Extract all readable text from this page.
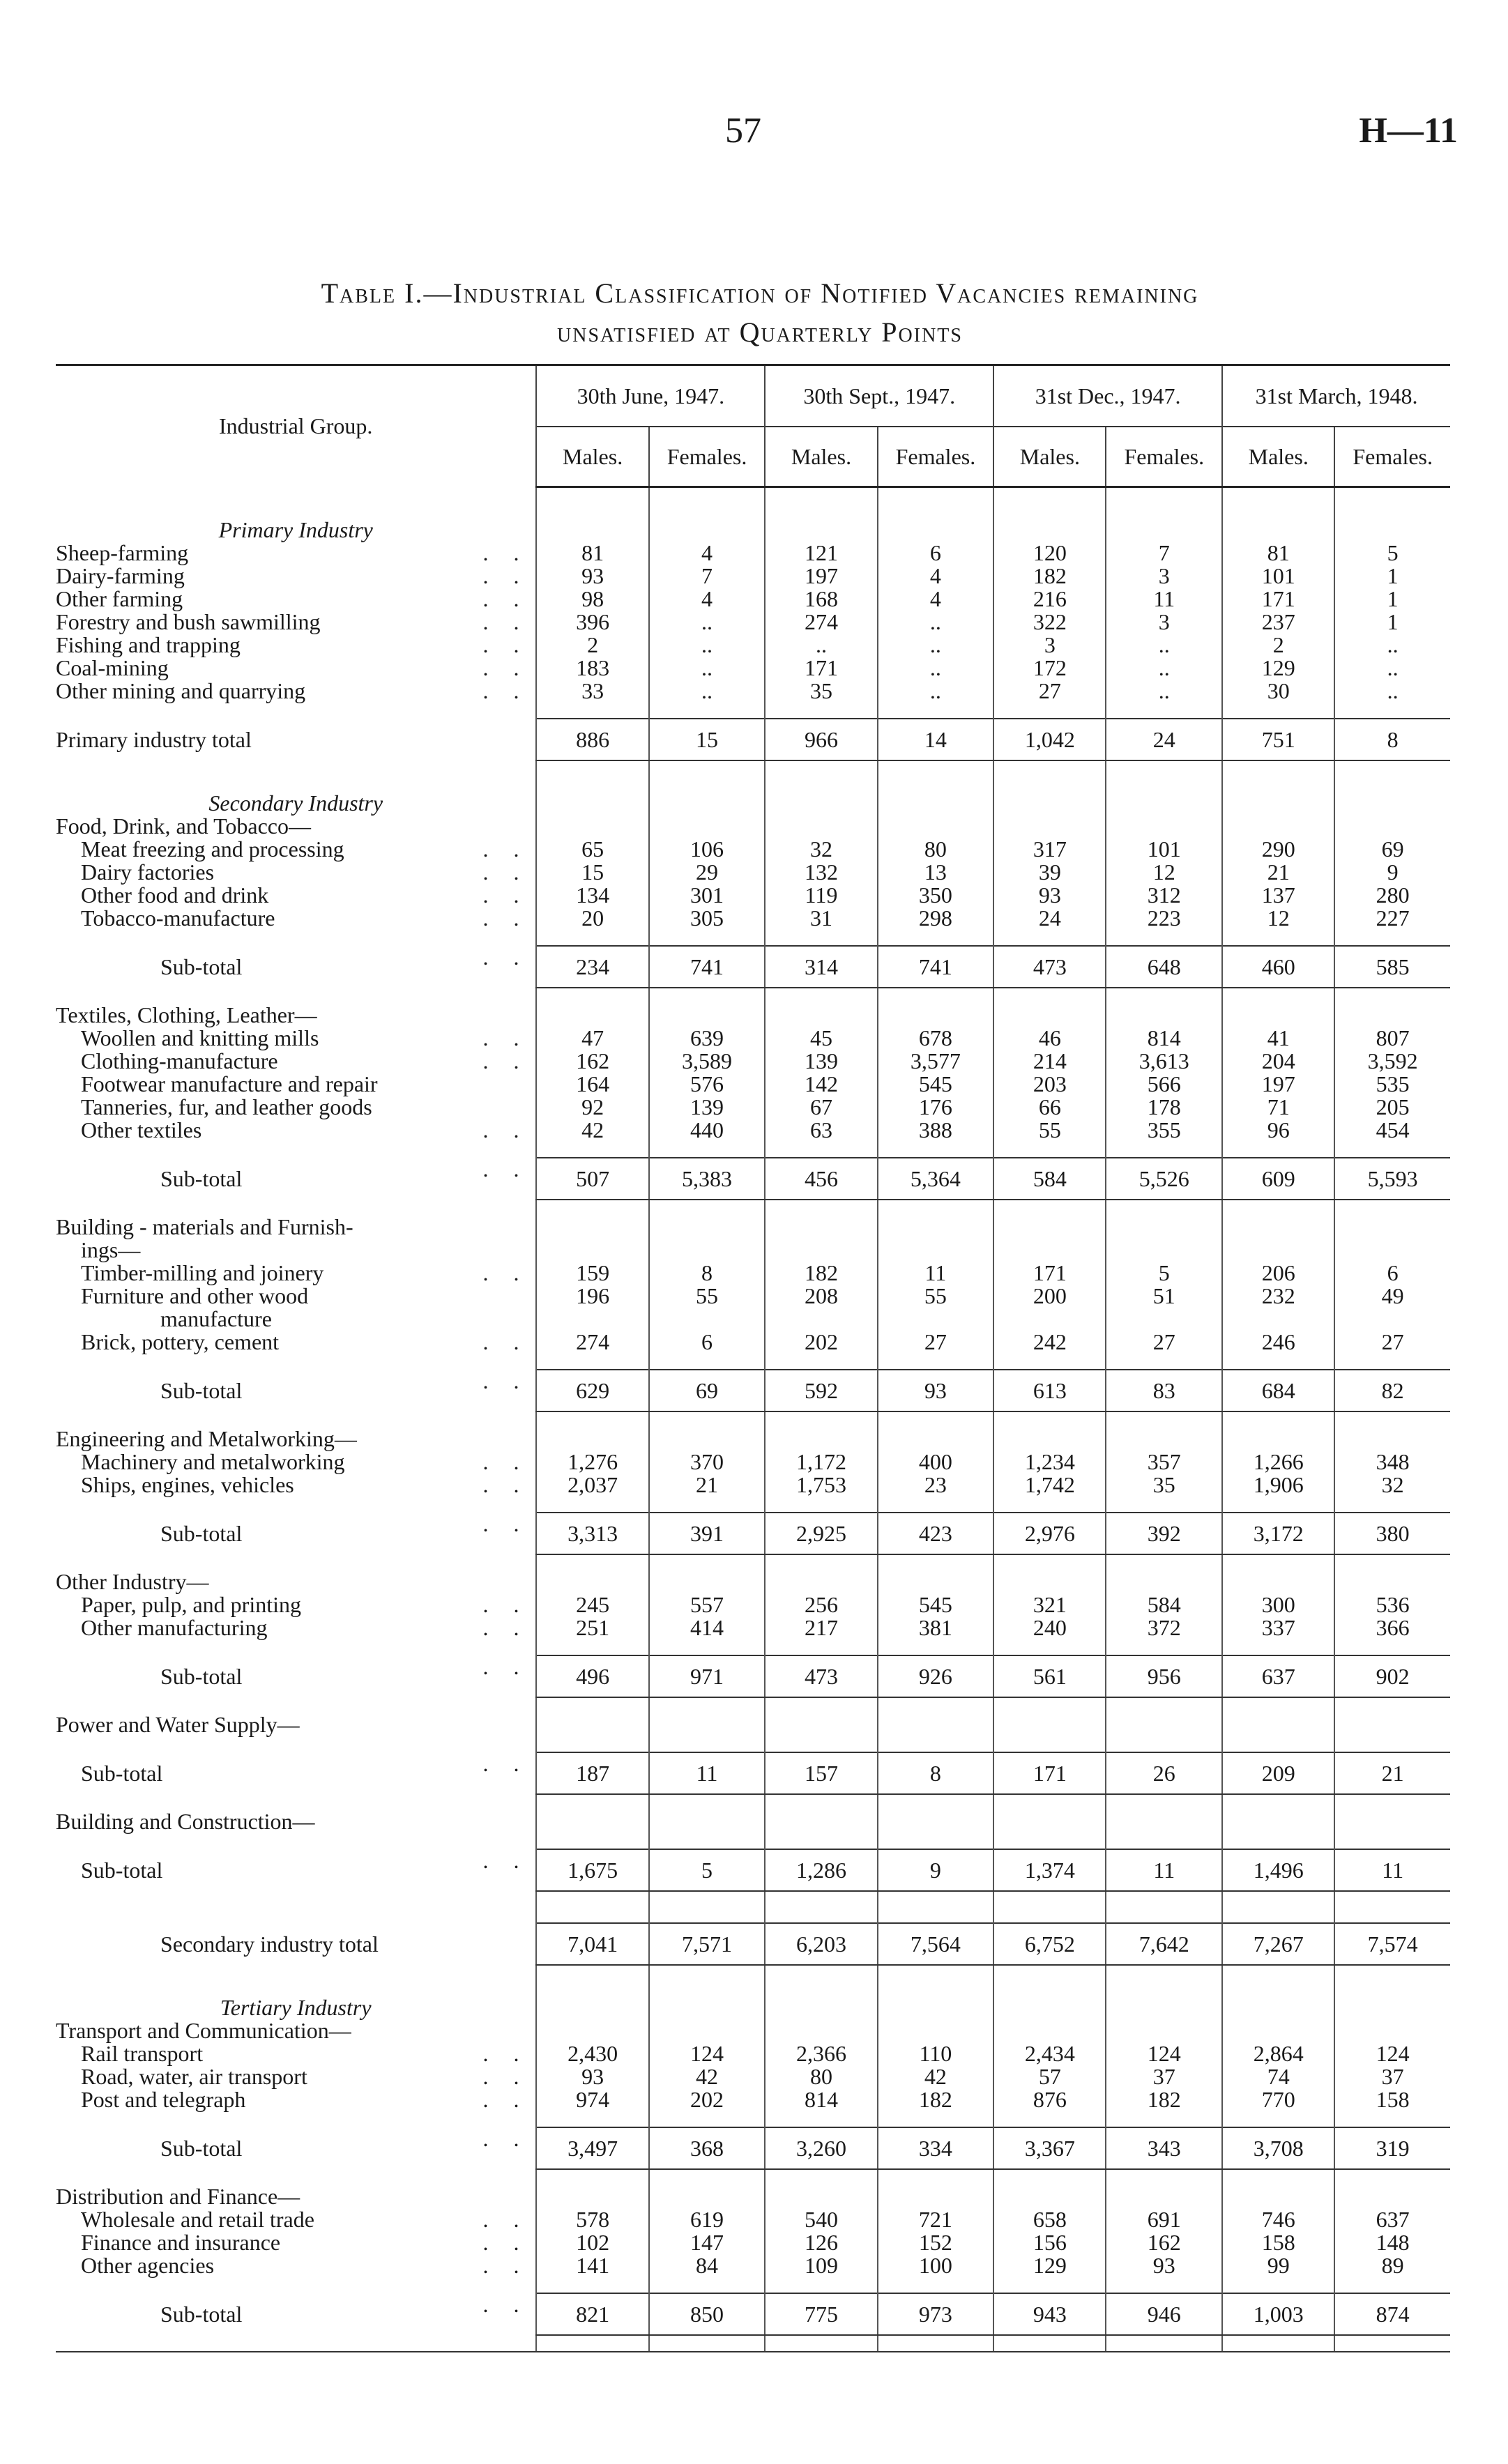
57	H—11
Table I.—Industrial Classification of Notified Vacancies remaining
unsatisfied at Quarterly Points
Industrial Group.	30th June, 1947.		30th Sept., 1947.		31st Dec., 1947.		31st March, 1948.	
	Males.	Females.	Males.	Females.	Males.	Females.	Males.	Females.

Primary Industry								
Sheep-farming . .	81	4	121	6	120	7	81	5
Dairy-farming . .	93	7	197	4	182	3	101	1
Other farming . .	98	4	168	4	216	11	171	1
Forestry and bush sawmilling . .	396	..	274	..	322	3	237	1
Fishing and trapping . .	2	..	..	..	3	..	2	..
Coal-mining . .	183	..	171	..	172	..	129	..
Other mining and quarrying . .	33	..	35	..	27	..	30	..

Primary industry total	886	15	966	14	1,042	24	751	8

Secondary Industry								
Food, Drink, and Tobacco—								
Meat freezing and processing . .	65	106	32	80	317	101	290	69
Dairy factories . .	15	29	132	13	39	12	21	9
Other food and drink . .	134	301	119	350	93	312	137	280
Tobacco-manufacture . .	20	305	31	298	24	223	12	227

Sub-total . .	234	741	314	741	473	648	460	585

Textiles, Clothing, Leather—								
Woollen and knitting mills . .	47	639	45	678	46	814	41	807
Clothing-manufacture . .	162	3,589	139	3,577	214	3,613	204	3,592
Footwear manufacture and repair	164	576	142	545	203	566	197	535
Tanneries, fur, and leather goods	92	139	67	176	66	178	71	205
Other textiles . .	42	440	63	388	55	355	96	454

Sub-total . .	507	5,383	456	5,364	584	5,526	609	5,593

Building - materials and Furnish-								
ings—								
Timber-milling and joinery . .	159	8	182	11	171	5	206	6
Furniture and other wood	196	55	208	55	200	51	232	49
manufacture								
Brick, pottery, cement . .	274	6	202	27	242	27	246	27

Sub-total . .	629	69	592	93	613	83	684	82

Engineering and Metalworking—								
Machinery and metalworking . .	1,276	370	1,172	400	1,234	357	1,266	348
Ships, engines, vehicles . .	2,037	21	1,753	23	1,742	35	1,906	32

Sub-total . .	3,313	391	2,925	423	2,976	392	3,172	380

Other Industry—								
Paper, pulp, and printing . .	245	557	256	545	321	584	300	536
Other manufacturing . .	251	414	217	381	240	372	337	366

Sub-total . .	496	971	473	926	561	956	637	902

Power and Water Supply—								

Sub-total . .	187	11	157	8	171	26	209	21

Building and Construction—								

Sub-total . .	1,675	5	1,286	9	1,374	11	1,496	11

Secondary industry total	7,041	7,571	6,203	7,564	6,752	7,642	7,267	7,574

Tertiary Industry								
Transport and Communication—								
Rail transport . .	2,430	124	2,366	110	2,434	124	2,864	124
Road, water, air transport . .	93	42	80	42	57	37	74	37
Post and telegraph . .	974	202	814	182	876	182	770	158

Sub-total . .	3,497	368	3,260	334	3,367	343	3,708	319

Distribution and Finance—								
Wholesale and retail trade . .	578	619	540	721	658	691	746	637
Finance and insurance . .	102	147	126	152	156	162	158	148
Other agencies . .	141	84	109	100	129	93	99	89

Sub-total . .	821	850	775	973	943	946	1,003	874
